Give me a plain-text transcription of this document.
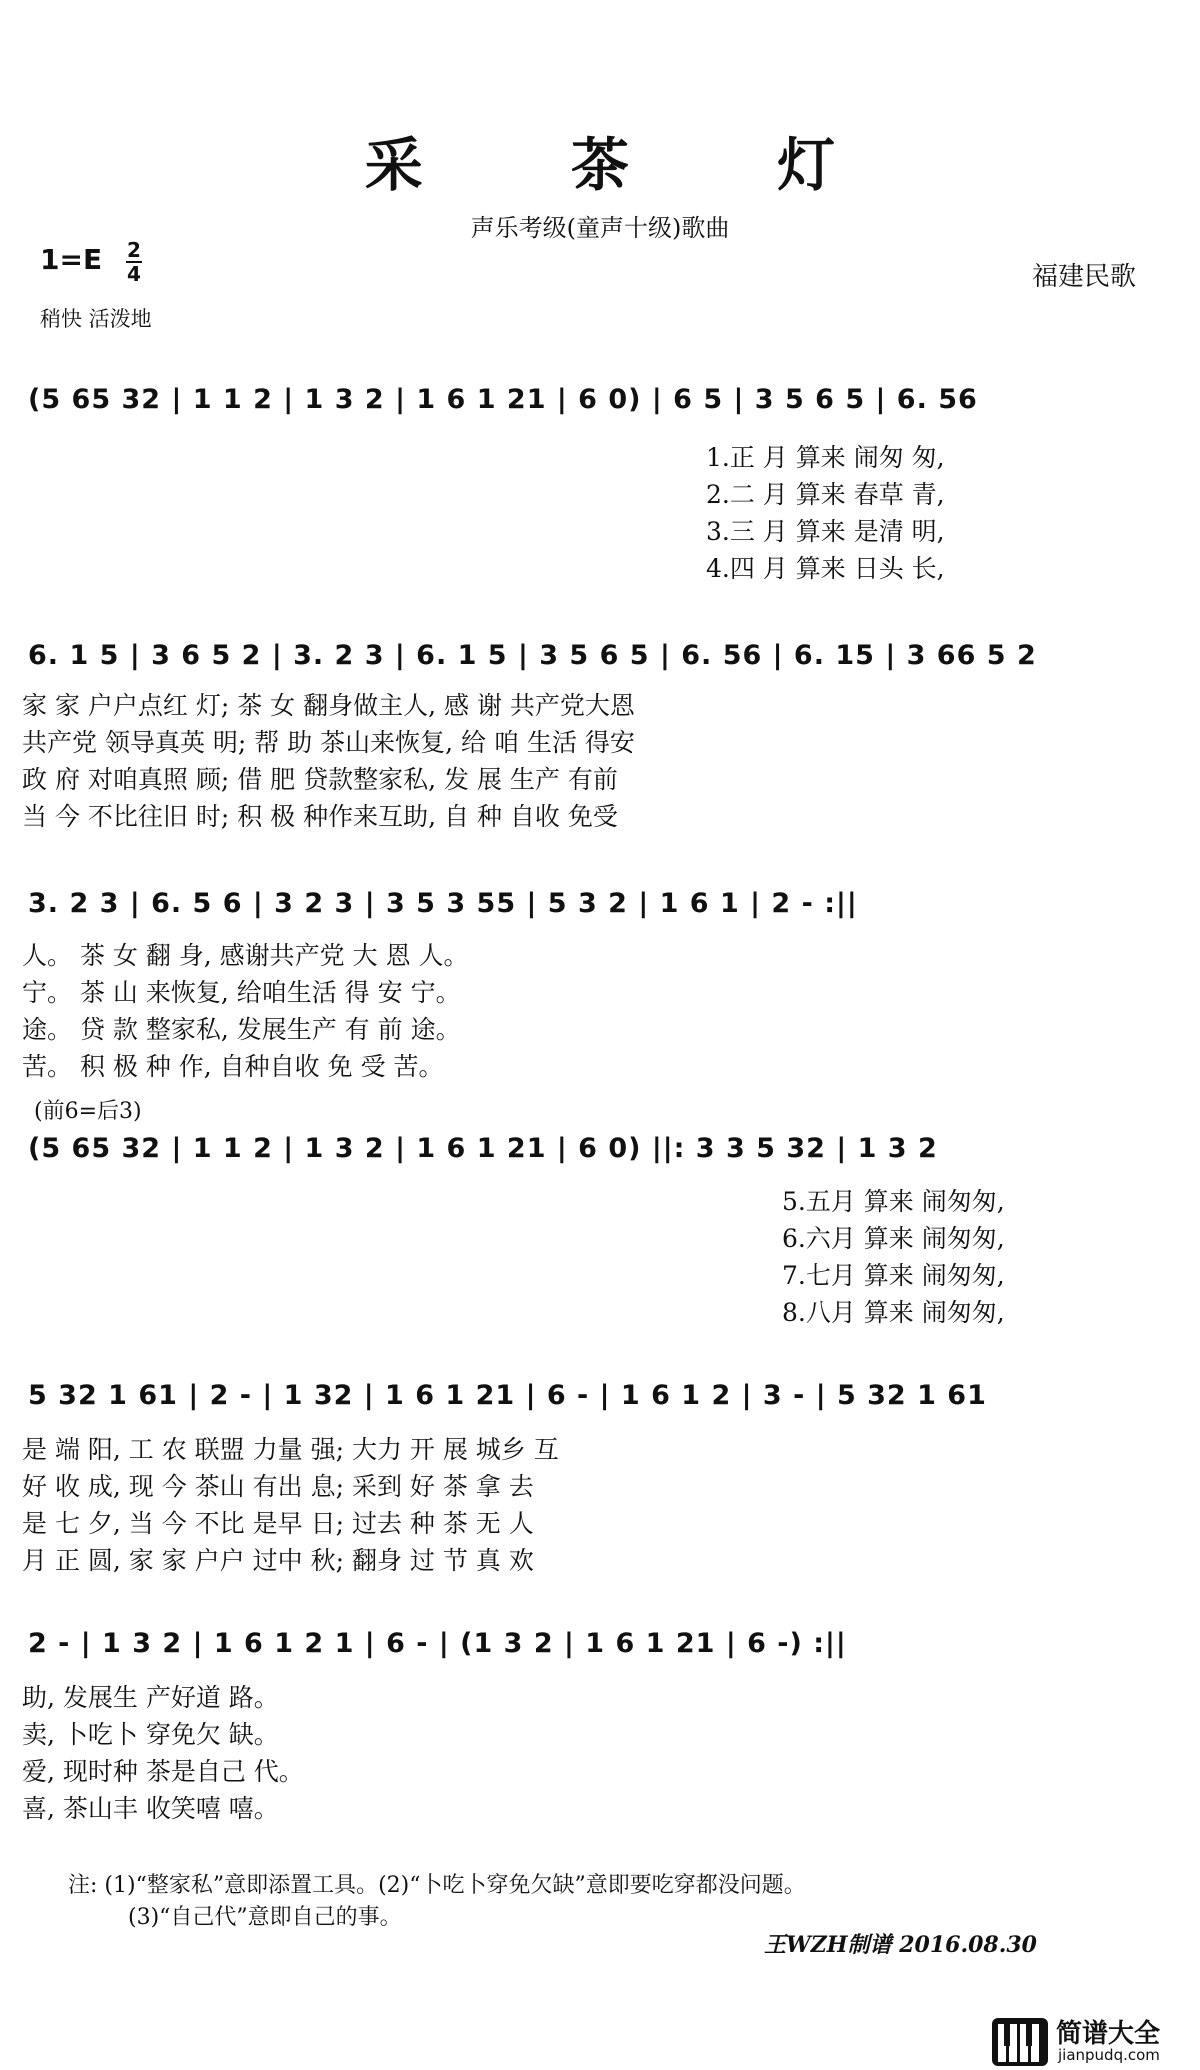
采 茶 灯
声乐考级(童声十级)歌曲
1=E 2
4
稍快 活泼地
福建民歌
(5 65 32 | 1 1 2 | 1 3 2 | 1 6 1 21 | 6 0) | 6 5 | 3 5 6 5 | 6. 56
1.正 月 算来 闹匆 匆,
2.二 月 算来 春草 青,
3.三 月 算来 是清 明,
4.四 月 算来 日头 长,
6. 1 5 | 3 6 5 2 | 3. 2 3 | 6. 1 5 | 3 5 6 5 | 6. 56 | 6. 15 | 3 66 5 2
家 家 户户点红 灯; 茶 女 翻身做主人, 感 谢 共产党大恩
共产党 领导真英 明; 帮 助 茶山来恢复, 给 咱 生活 得安
政 府 对咱真照 顾; 借 肥 贷款整家私, 发 展 生产 有前
当 今 不比往旧 时; 积 极 种作来互助, 自 种 自收 免受
3. 2 3 | 6. 5 6 | 3 2 3 | 3 5 3 55 | 5 3 2 | 1 6 1 | 2 - :||
人。 茶 女 翻 身, 感谢共产党 大 恩 人。
宁。 茶 山 来恢复, 给咱生活 得 安 宁。
途。 贷 款 整家私, 发展生产 有 前 途。
苦。 积 极 种 作, 自种自收 免 受 苦。
(前6=后3)
(5 65 32 | 1 1 2 | 1 3 2 | 1 6 1 21 | 6 0) ||: 3 3 5 32 | 1 3 2
5.五月 算来 闹匆匆,
6.六月 算来 闹匆匆,
7.七月 算来 闹匆匆,
8.八月 算来 闹匆匆,
5 32 1 61 | 2 - | 1 32 | 1 6 1 21 | 6 - | 1 6 1 2 | 3 - | 5 32 1 61
是 端 阳, 工 农 联盟 力量 强; 大力 开 展 城乡 互
好 收 成, 现 今 茶山 有出 息; 采到 好 茶 拿 去
是 七 夕, 当 今 不比 是早 日; 过去 种 茶 无 人
月 正 圆, 家 家 户户 过中 秋; 翻身 过 节 真 欢
2 - | 1 3 2 | 1 6 1 2 1 | 6 - | (1 3 2 | 1 6 1 21 | 6 -) :||
助, 发展生 产好道 路。
卖, 卜吃卜 穿免欠 缺。
爱, 现时种 茶是自己 代。
喜, 茶山丰 收笑嘻 嘻。
注: (1)“整家私”意即添置工具。(2)“卜吃卜穿免欠缺”意即要吃穿都没问题。
(3)“自己代”意即自己的事。
王WZH制谱 2016.08.30
简谱大全
jianpudq.com
